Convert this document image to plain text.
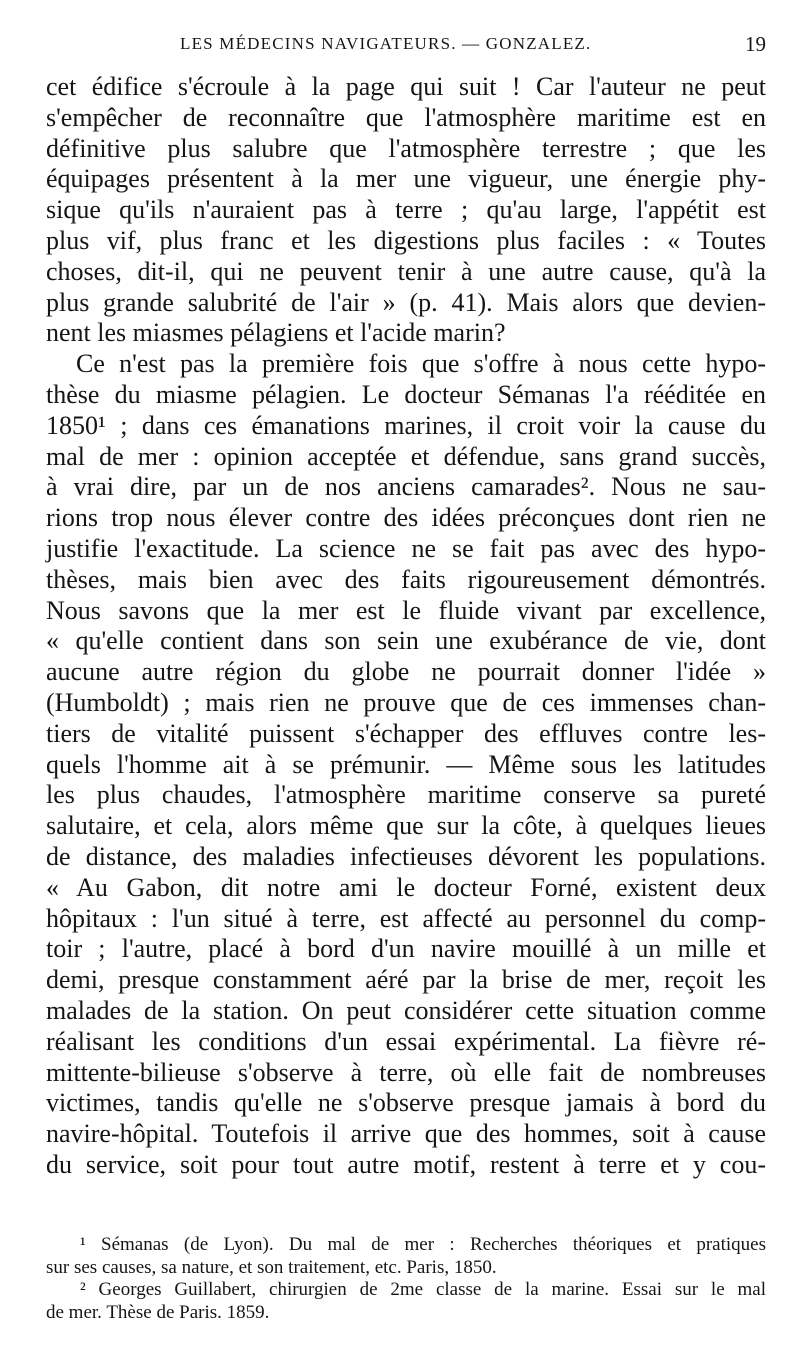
LES MÉDECINS NAVIGATEURS. — GONZALEZ.	19
cet édifice s'écroule à la page qui suit ! Car l'auteur ne peut
s'empêcher de reconnaître que l'atmosphère maritime est en
définitive plus salubre que l'atmosphère terrestre ; que les
équipages présentent à la mer une vigueur, une énergie phy-
sique qu'ils n'auraient pas à terre ; qu'au large, l'appétit est
plus vif, plus franc et les digestions plus faciles : « Toutes
choses, dit-il, qui ne peuvent tenir à une autre cause, qu'à la
plus grande salubrité de l'air » (p. 41). Mais alors que devien-
nent les miasmes pélagiens et l'acide marin?
Ce n'est pas la première fois que s'offre à nous cette hypo-
thèse du miasme pélagien. Le docteur Sémanas l'a rééditée en
1850¹ ; dans ces émanations marines, il croit voir la cause du
mal de mer : opinion acceptée et défendue, sans grand succès,
à vrai dire, par un de nos anciens camarades². Nous ne sau-
rions trop nous élever contre des idées préconçues dont rien ne
justifie l'exactitude. La science ne se fait pas avec des hypo-
thèses, mais bien avec des faits rigoureusement démontrés.
Nous savons que la mer est le fluide vivant par excellence,
« qu'elle contient dans son sein une exubérance de vie, dont
aucune autre région du globe ne pourrait donner l'idée »
(Humboldt) ; mais rien ne prouve que de ces immenses chan-
tiers de vitalité puissent s'échapper des effluves contre les-
quels l'homme ait à se prémunir. — Même sous les latitudes
les plus chaudes, l'atmosphère maritime conserve sa pureté
salutaire, et cela, alors même que sur la côte, à quelques lieues
de distance, des maladies infectieuses dévorent les populations.
« Au Gabon, dit notre ami le docteur Forné, existent deux
hôpitaux : l'un situé à terre, est affecté au personnel du comp-
toir ; l'autre, placé à bord d'un navire mouillé à un mille et
demi, presque constamment aéré par la brise de mer, reçoit les
malades de la station. On peut considérer cette situation comme
réalisant les conditions d'un essai expérimental. La fièvre ré-
mittente-bilieuse s'observe à terre, où elle fait de nombreuses
victimes, tandis qu'elle ne s'observe presque jamais à bord du
navire-hôpital. Toutefois il arrive que des hommes, soit à cause
du service, soit pour tout autre motif, restent à terre et y cou-
¹ Sémanas (de Lyon). Du mal de mer : Recherches théoriques et pratiques
sur ses causes, sa nature, et son traitement, etc. Paris, 1850.
² Georges Guillabert, chirurgien de 2me classe de la marine. Essai sur le mal
de mer. Thèse de Paris. 1859.
